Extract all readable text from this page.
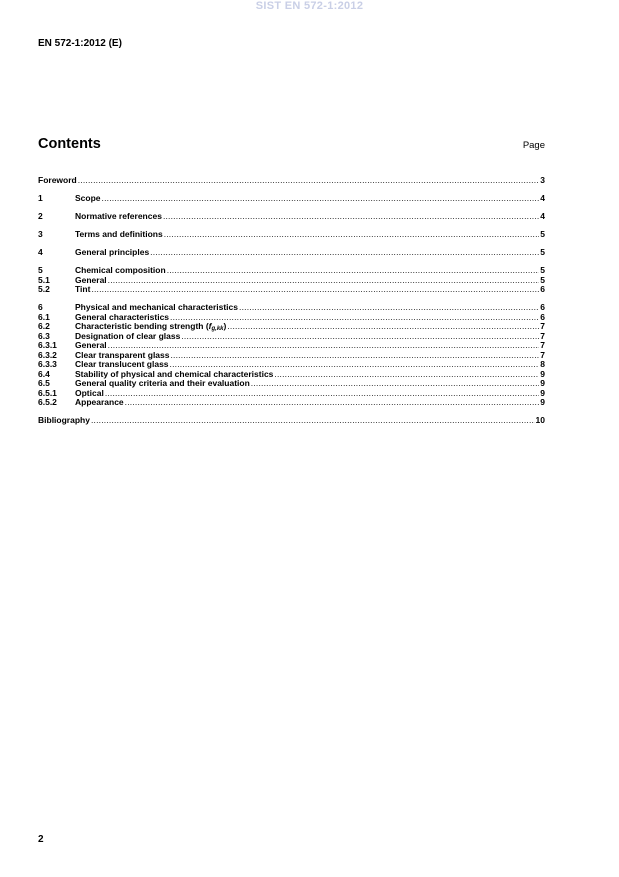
SIST EN 572-1:2012
EN 572-1:2012 (E)
Contents	Page
Foreword .....	3
1	Scope .....	4
2	Normative references .....	4
3	Terms and definitions .....	5
4	General principles .....	5
5	Chemical composition .....	5
5.1	General .....	5
5.2	Tint .....	6
6	Physical and mechanical characteristics .....	6
6.1	General characteristics .....	6
6.2	Characteristic bending strength (fg,kk) .....	7
6.3	Designation of clear glass .....	7
6.3.1 General .....	7
6.3.2 Clear transparent glass .....	7
6.3.3 Clear translucent glass .....	8
6.4	Stability of physical and chemical characteristics .....	9
6.5	General quality criteria and their evaluation .....	9
6.5.1 Optical .....	9
6.5.2 Appearance .....	9
Bibliography .....	10
2
